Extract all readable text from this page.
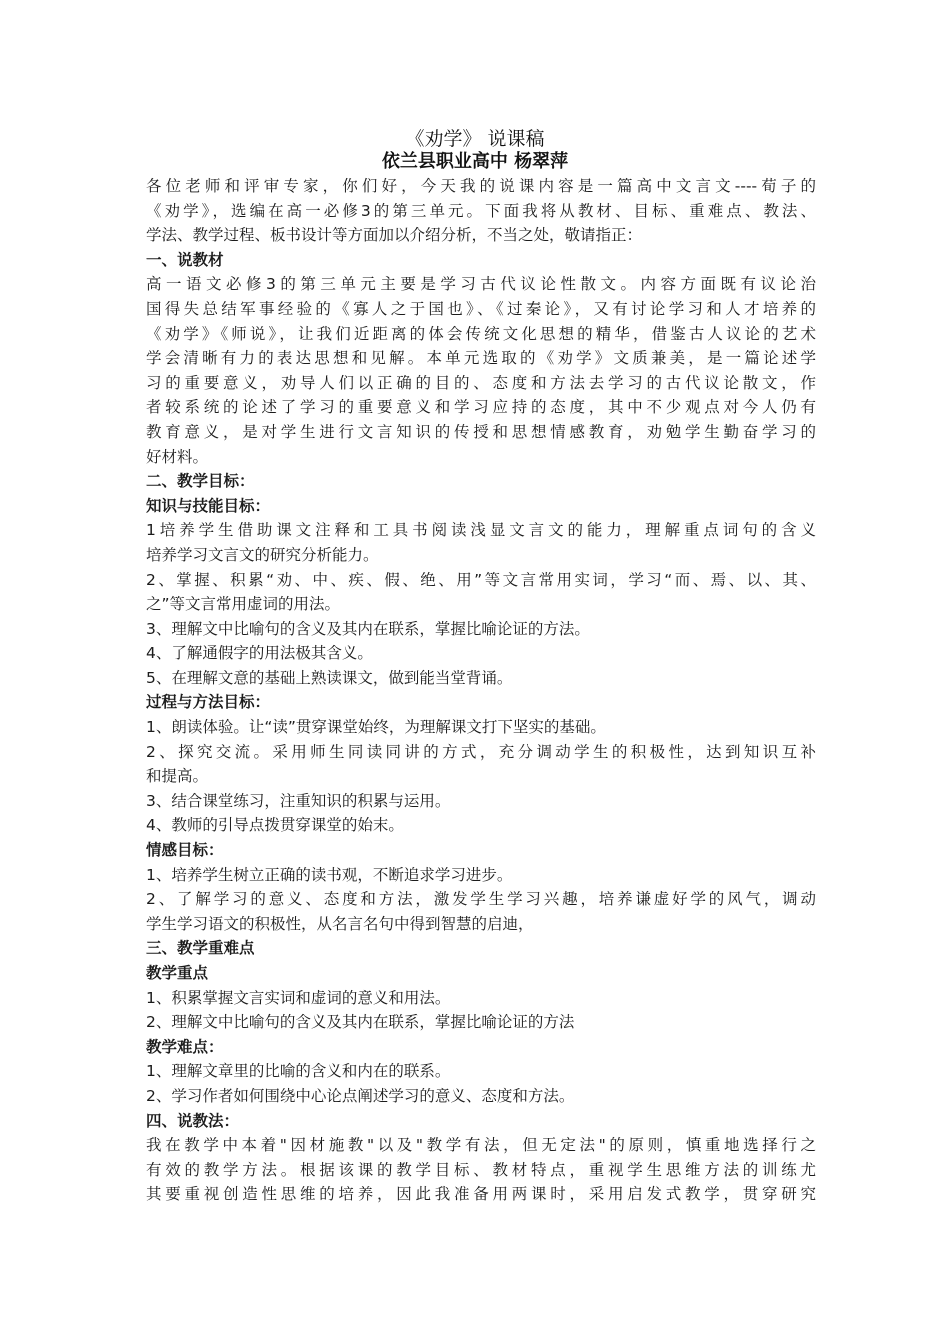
《劝学》 说课稿
依兰县职业高中 杨翠萍
各位老师和评审专家，你们好，今天我的说课内容是一篇高中文言文----荀子的
《劝学》，选编在高一必修3的第三单元。下面我将从教材、目标、重难点、教法、
学法、教学过程、板书设计等方面加以介绍分析，不当之处，敬请指正：
一、说教材
高一语文必修3的第三单元主要是学习古代议论性散文。内容方面既有议论治
国得失总结军事经验的《寡人之于国也》、《过秦论》，又有讨论学习和人才培养的
《劝学》《师说》，让我们近距离的体会传统文化思想的精华，借鉴古人议论的艺术
学会清晰有力的表达思想和见解。本单元选取的《劝学》文质兼美，是一篇论述学
习的重要意义，劝导人们以正确的目的、态度和方法去学习的古代议论散文，作
者较系统的论述了学习的重要意义和学习应持的态度，其中不少观点对今人仍有
教育意义，是对学生进行文言知识的传授和思想情感教育，劝勉学生勤奋学习的
好材料。
二、教学目标：
知识与技能目标：
1培养学生借助课文注释和工具书阅读浅显文言文的能力，理解重点词句的含义
培养学习文言文的研究分析能力。
2、掌握、积累“劝、中、疾、假、绝、用”等文言常用实词，学习“而、焉、以、其、
之”等文言常用虚词的用法。
3、理解文中比喻句的含义及其内在联系，掌握比喻论证的方法。
4、了解通假字的用法极其含义。
5、在理解文意的基础上熟读课文，做到能当堂背诵。
过程与方法目标：
1、朗读体验。让“读”贯穿课堂始终，为理解课文打下坚实的基础。
2、探究交流。采用师生同读同讲的方式，充分调动学生的积极性，达到知识互补
和提高。
3、结合课堂练习，注重知识的积累与运用。
4、教师的引导点拨贯穿课堂的始末。
情感目标：
1、培养学生树立正确的读书观，不断追求学习进步。
2、了解学习的意义、态度和方法，激发学生学习兴趣，培养谦虚好学的风气，调动
学生学习语文的积极性，从名言名句中得到智慧的启迪，
三、教学重难点
教学重点
1、积累掌握文言实词和虚词的意义和用法。
2、理解文中比喻句的含义及其内在联系，掌握比喻论证的方法
教学难点：
1、理解文章里的比喻的含义和内在的联系。
2、学习作者如何围绕中心论点阐述学习的意义、态度和方法。
四、说教法：
我在教学中本着"因材施教"以及"教学有法，但无定法"的原则，慎重地选择行之
有效的教学方法。根据该课的教学目标、教材特点，重视学生思维方法的训练尤
其要重视创造性思维的培养，因此我准备用两课时，采用启发式教学，贯穿研究
